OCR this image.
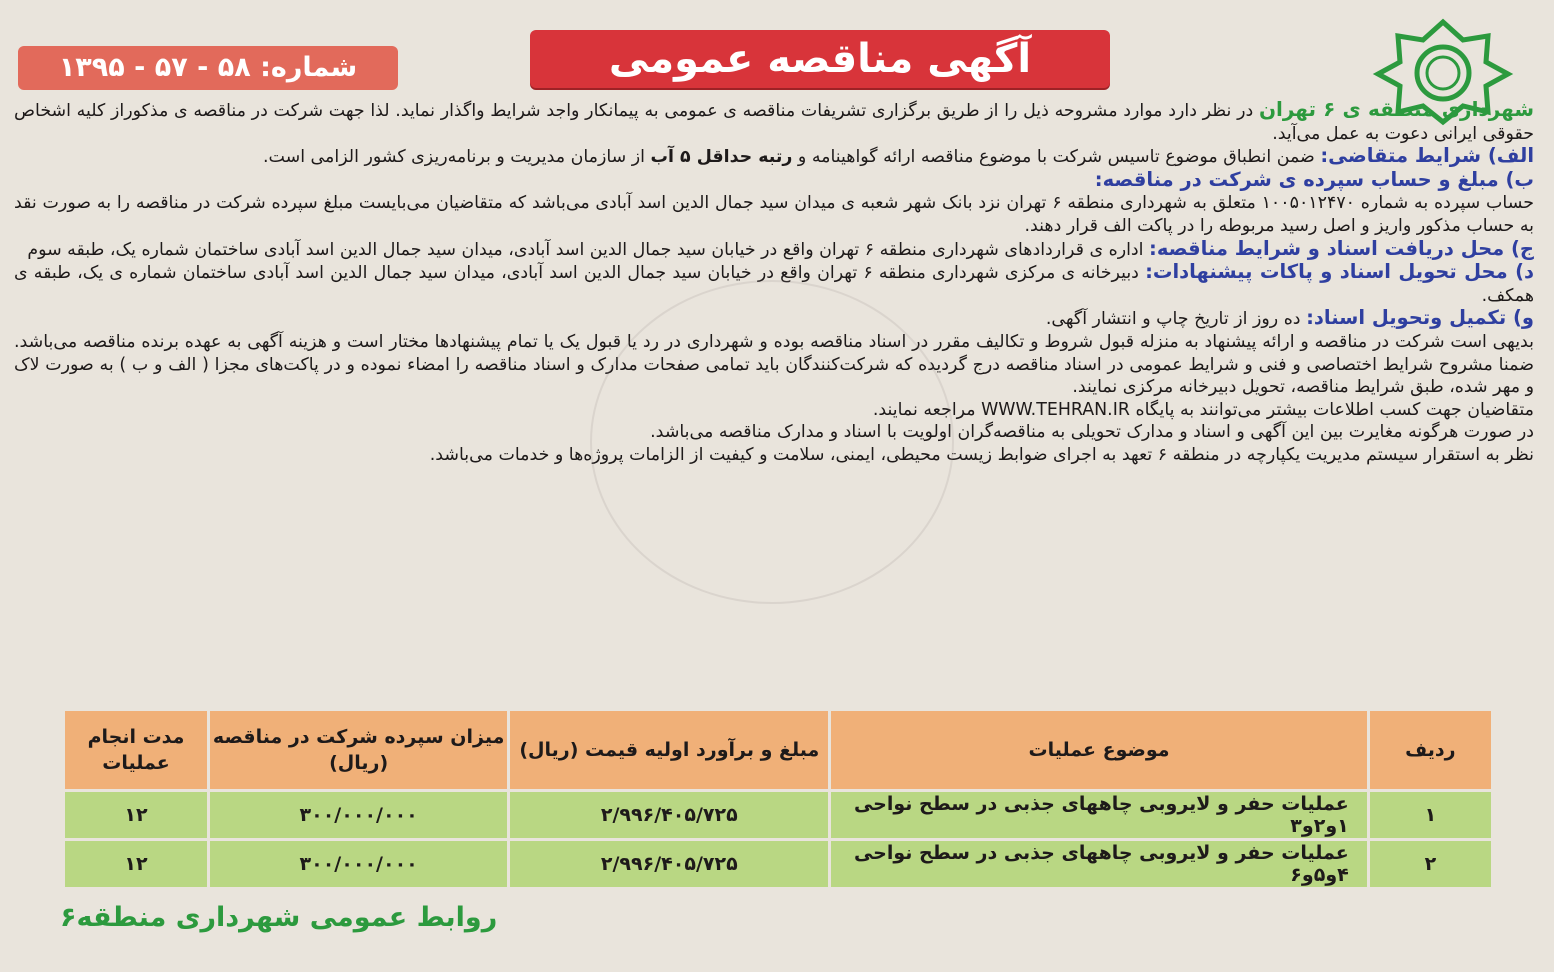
آگهی مناقصه عمومی
شماره: ۵۸ - ۵۷ - ۱۳۹۵

شهرداری منطقه ی ۶ تهران در نظر دارد موارد مشروحه ذیل را از طریق برگزاری تشریفات مناقصه ی عمومی به پیمانکار واجد شرایط واگذار نماید. لذا جهت شرکت در مناقصه ی مذکوراز کلیه اشخاص حقوقی ایرانی دعوت به عمل می‌آید.

الف) شرایط متقاضی: ضمن انطباق موضوع تاسیس شرکت با موضوع مناقصه ارائه گواهینامه و رتبه حداقل ۵ آب از سازمان مدیریت و برنامه‌ریزی کشور الزامی است.

ب) مبلغ و حساب سپرده ی شرکت در مناقصه:
حساب سپرده به شماره ۱۰۰۵۰۱۲۴۷۰ متعلق به شهرداری منطقه ۶ تهران نزد بانک شهر شعبه ی میدان سید جمال الدین اسد آبادی می‌باشد که متقاضیان می‌بایست مبلغ سپرده شرکت در مناقصه را به صورت نقد به حساب مذکور واریز و اصل رسید مربوطه را در پاکت الف قرار دهند.

ج) محل دریافت اسناد و شرایط مناقصه: اداره ی قراردادهای شهرداری منطقه ۶ تهران واقع در خیابان سید جمال الدین اسد آبادی، میدان سید جمال الدین اسد آبادی ساختمان شماره یک، طبقه سوم

د) محل تحویل اسناد و پاکات پیشنهادات: دبیرخانه ی مرکزی شهرداری منطقه ۶ تهران واقع در خیابان سید جمال الدین اسد آبادی، میدان سید جمال الدین اسد آبادی ساختمان شماره ی یک، طبقه ی همکف.

و) تکمیل وتحویل اسناد: ده روز از تاریخ چاپ و انتشار آگهی.

بدیهی است شرکت در مناقصه و ارائه پیشنهاد به منزله قبول شروط و تکالیف مقرر در اسناد مناقصه بوده و شهرداری در رد یا قبول یک یا تمام پیشنهادها مختار است و هزینه آگهی به عهده برنده مناقصه می‌باشد. ضمنا مشروح شرایط اختصاصی و فنی و شرایط عمومی در اسناد مناقصه درج گردیده که شرکت‌کنندگان باید تمامی صفحات مدارک و اسناد مناقصه را امضاء نموده و در پاکت‌های مجزا ( الف و ب ) به صورت لاک و مهر شده، طبق شرایط مناقصه، تحویل دبیرخانه مرکزی نمایند.

متقاضیان جهت کسب اطلاعات بیشتر می‌توانند به پایگاه WWW.TEHRAN.IR مراجعه نمایند.

در صورت هرگونه مغایرت بین این آگهی و اسناد و مدارک تحویلی به مناقصه‌گران اولویت با اسناد و مدارک مناقصه می‌باشد.

نظر به استقرار سیستم مدیریت یکپارچه در منطقه ۶ تعهد به اجرای ضوابط زیست محیطی، ایمنی، سلامت و کیفیت از الزامات پروژه‌ها و خدمات می‌باشد.

ردیف	موضوع عملیات	مبلغ و برآورد اولیه قیمت (ریال)	میزان سپرده شرکت در مناقصه (ریال)	مدت انجام عملیات
۱	عملیات حفر و لایروبی چاههای جذبی در سطح نواحی ۱و۲و۳	۲/۹۹۶/۴۰۵/۷۲۵	۳۰۰/۰۰۰/۰۰۰	۱۲
۲	عملیات حفر و لایروبی چاههای جذبی در سطح نواحی ۴و۵و۶	۲/۹۹۶/۴۰۵/۷۲۵	۳۰۰/۰۰۰/۰۰۰	۱۲
روابط عمومی شهرداری منطقه۶
